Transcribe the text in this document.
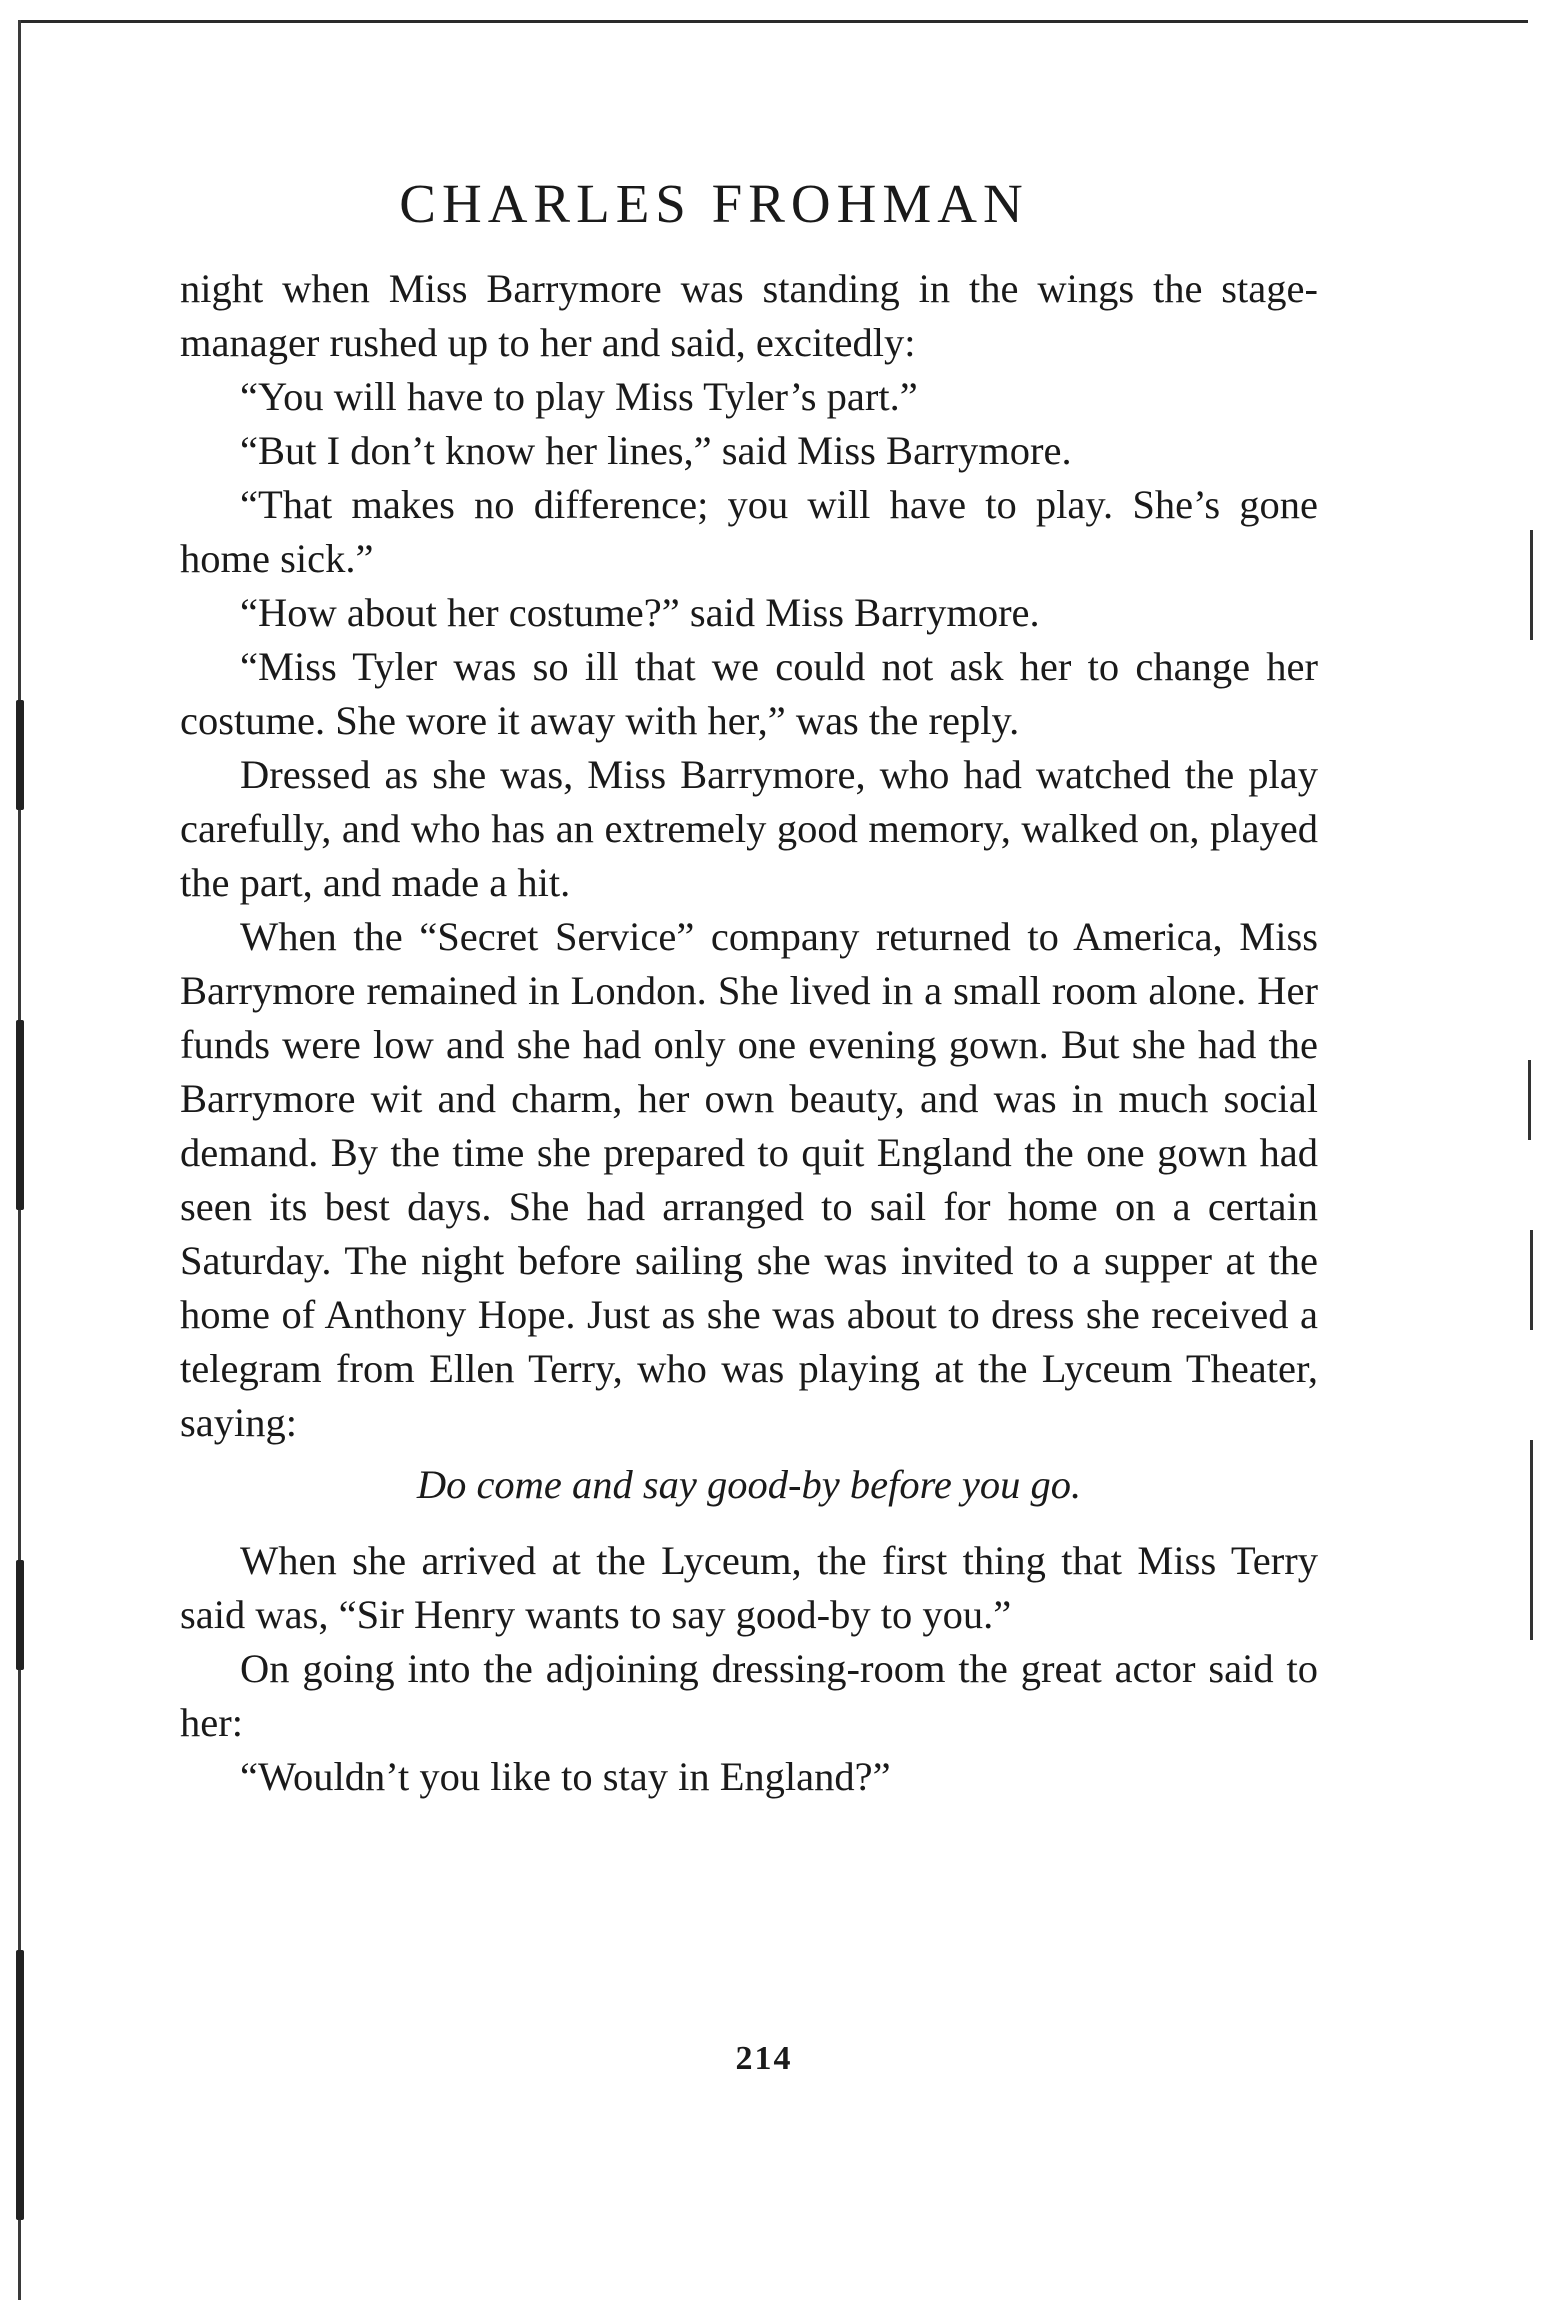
CHARLES FROHMAN

night when Miss Barrymore was standing in the wings the stage-manager rushed up to her and said, excitedly:

“You will have to play Miss Tyler’s part.”

“But I don’t know her lines,” said Miss Barrymore.

“That makes no difference; you will have to play. She’s gone home sick.”

“How about her costume?” said Miss Barrymore.

“Miss Tyler was so ill that we could not ask her to change her costume. She wore it away with her,” was the reply.

Dressed as she was, Miss Barrymore, who had watched the play carefully, and who has an extremely good memory, walked on, played the part, and made a hit.

When the “Secret Service” company returned to America, Miss Barrymore remained in London. She lived in a small room alone. Her funds were low and she had only one evening gown. But she had the Barrymore wit and charm, her own beauty, and was in much social demand. By the time she prepared to quit England the one gown had seen its best days. She had arranged to sail for home on a certain Saturday. The night before sailing she was invited to a supper at the home of Anthony Hope. Just as she was about to dress she received a telegram from Ellen Terry, who was playing at the Lyceum Theater, saying:

Do come and say good-by before you go.

When she arrived at the Lyceum, the first thing that Miss Terry said was, “Sir Henry wants to say good-by to you.”

On going into the adjoining dressing-room the great actor said to her:

“Wouldn’t you like to stay in England?”

214
